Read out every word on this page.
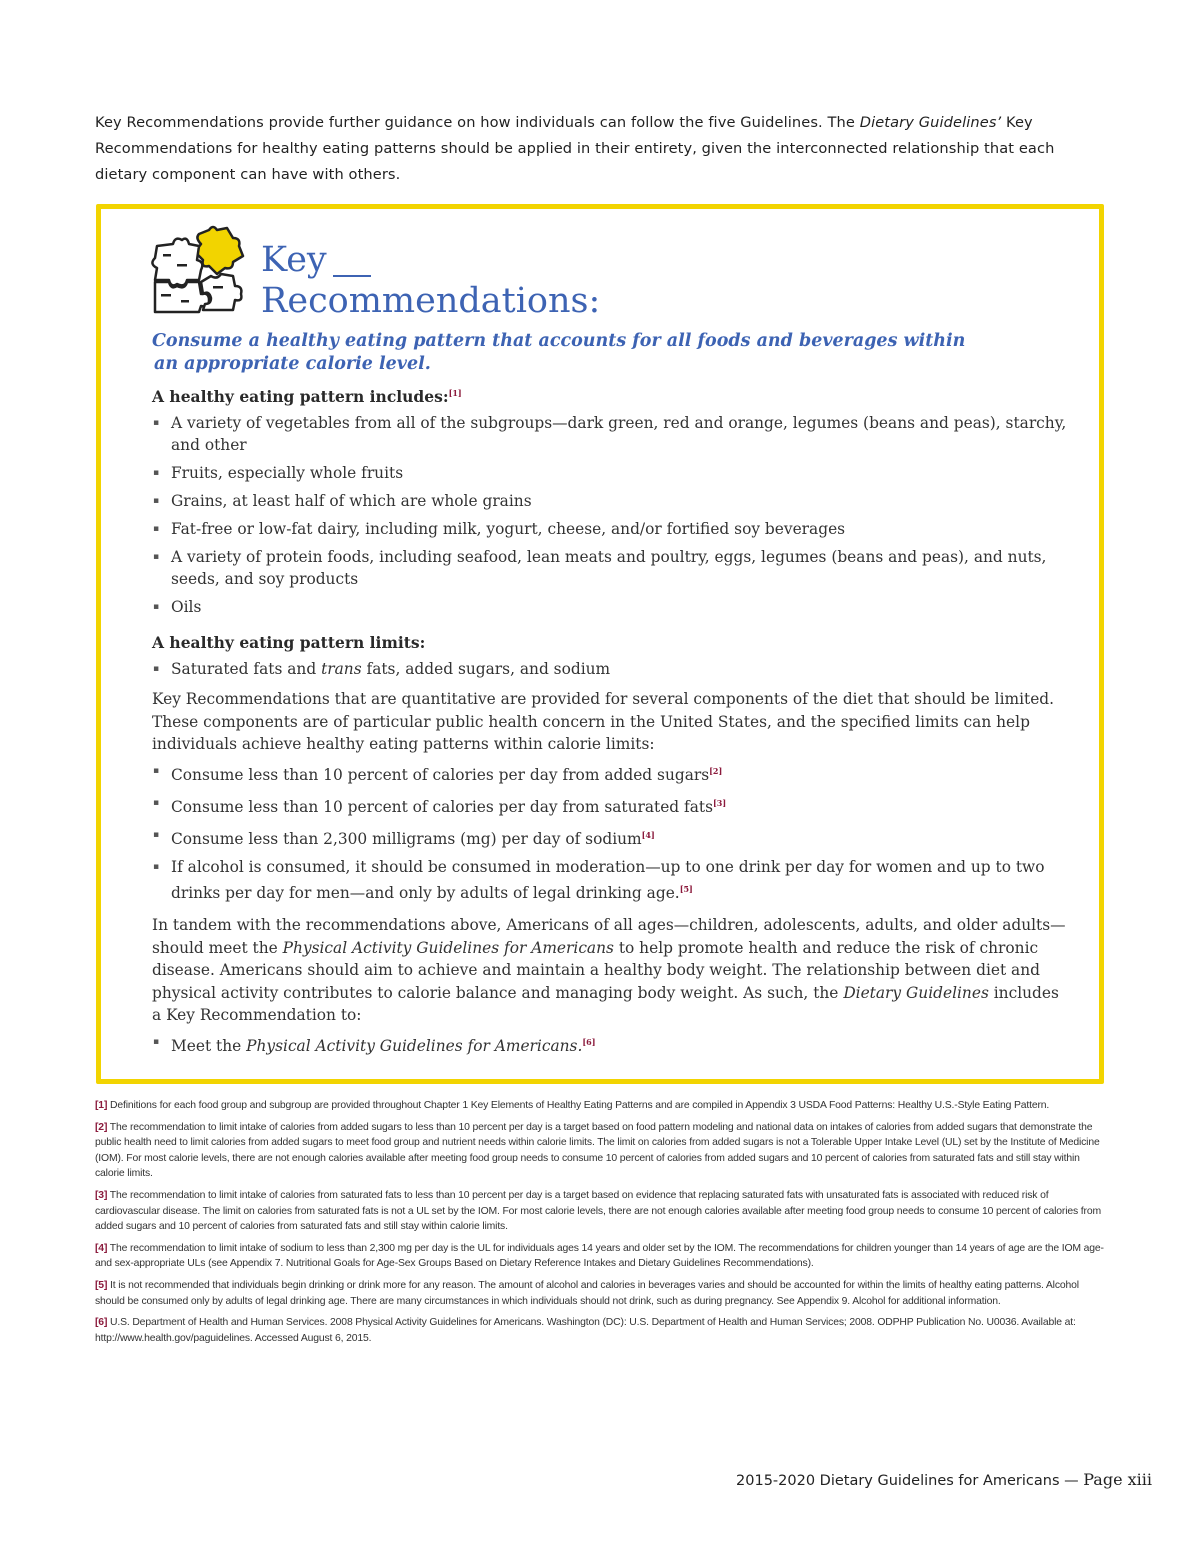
Key Recommendations provide further guidance on how individuals can follow the five Guidelines. The Dietary Guidelines’ Key Recommendations for healthy eating patterns should be applied in their entirety, given the interconnected relationship that each dietary component can have with others.
Key
Recommendations:
Consume a healthy eating pattern that accounts for all foods and beverages within
an appropriate calorie level.
A healthy eating pattern includes:[1]
▪ A variety of vegetables from all of the subgroups—dark green, red and orange, legumes (beans and peas), starchy, and other
▪ Fruits, especially whole fruits
▪ Grains, at least half of which are whole grains
▪ Fat-free or low-fat dairy, including milk, yogurt, cheese, and/or fortified soy beverages
▪ A variety of protein foods, including seafood, lean meats and poultry, eggs, legumes (beans and peas), and nuts, seeds, and soy products
▪ Oils
A healthy eating pattern limits:
▪ Saturated fats and trans fats, added sugars, and sodium
Key Recommendations that are quantitative are provided for several components of the diet that should be limited. These components are of particular public health concern in the United States, and the specified limits can help individuals achieve healthy eating patterns within calorie limits:
▪ Consume less than 10 percent of calories per day from added sugars[2]
▪ Consume less than 10 percent of calories per day from saturated fats[3]
▪ Consume less than 2,300 milligrams (mg) per day of sodium[4]
▪ If alcohol is consumed, it should be consumed in moderation—up to one drink per day for women and up to two drinks per day for men—and only by adults of legal drinking age.[5]
In tandem with the recommendations above, Americans of all ages—children, adolescents, adults, and older adults—should meet the Physical Activity Guidelines for Americans to help promote health and reduce the risk of chronic disease. Americans should aim to achieve and maintain a healthy body weight. The relationship between diet and physical activity contributes to calorie balance and managing body weight. As such, the Dietary Guidelines includes a Key Recommendation to:
▪ Meet the Physical Activity Guidelines for Americans.[6]

[1] Definitions for each food group and subgroup are provided throughout Chapter 1 Key Elements of Healthy Eating Patterns and are compiled in Appendix 3 USDA Food Patterns: Healthy U.S.-Style Eating Pattern.

[2] The recommendation to limit intake of calories from added sugars to less than 10 percent per day is a target based on food pattern modeling and national data on intakes of calories from added sugars that demonstrate the public health need to limit calories from added sugars to meet food group and nutrient needs within calorie limits. The limit on calories from added sugars is not a Tolerable Upper Intake Level (UL) set by the Institute of Medicine (IOM). For most calorie levels, there are not enough calories available after meeting food group needs to consume 10 percent of calories from added sugars and 10 percent of calories from saturated fats and still stay within calorie limits.

[3] The recommendation to limit intake of calories from saturated fats to less than 10 percent per day is a target based on evidence that replacing saturated fats with unsaturated fats is associated with reduced risk of cardiovascular disease. The limit on calories from saturated fats is not a UL set by the IOM. For most calorie levels, there are not enough calories available after meeting food group needs to consume 10 percent of calories from added sugars and 10 percent of calories from saturated fats and still stay within calorie limits.

[4] The recommendation to limit intake of sodium to less than 2,300 mg per day is the UL for individuals ages 14 years and older set by the IOM. The recommendations for children younger than 14 years of age are the IOM age- and sex-appropriate ULs (see Appendix 7. Nutritional Goals for Age-Sex Groups Based on Dietary Reference Intakes and Dietary Guidelines Recommendations).

[5] It is not recommended that individuals begin drinking or drink more for any reason. The amount of alcohol and calories in beverages varies and should be accounted for within the limits of healthy eating patterns. Alcohol should be consumed only by adults of legal drinking age. There are many circumstances in which individuals should not drink, such as during pregnancy. See Appendix 9. Alcohol for additional information.

[6] U.S. Department of Health and Human Services. 2008 Physical Activity Guidelines for Americans. Washington (DC): U.S. Department of Health and Human Services; 2008. ODPHP Publication No. U0036. Available at: http://www.health.gov/paguidelines. Accessed August 6, 2015.

2015-2020 Dietary Guidelines for Americans — Page xiii
